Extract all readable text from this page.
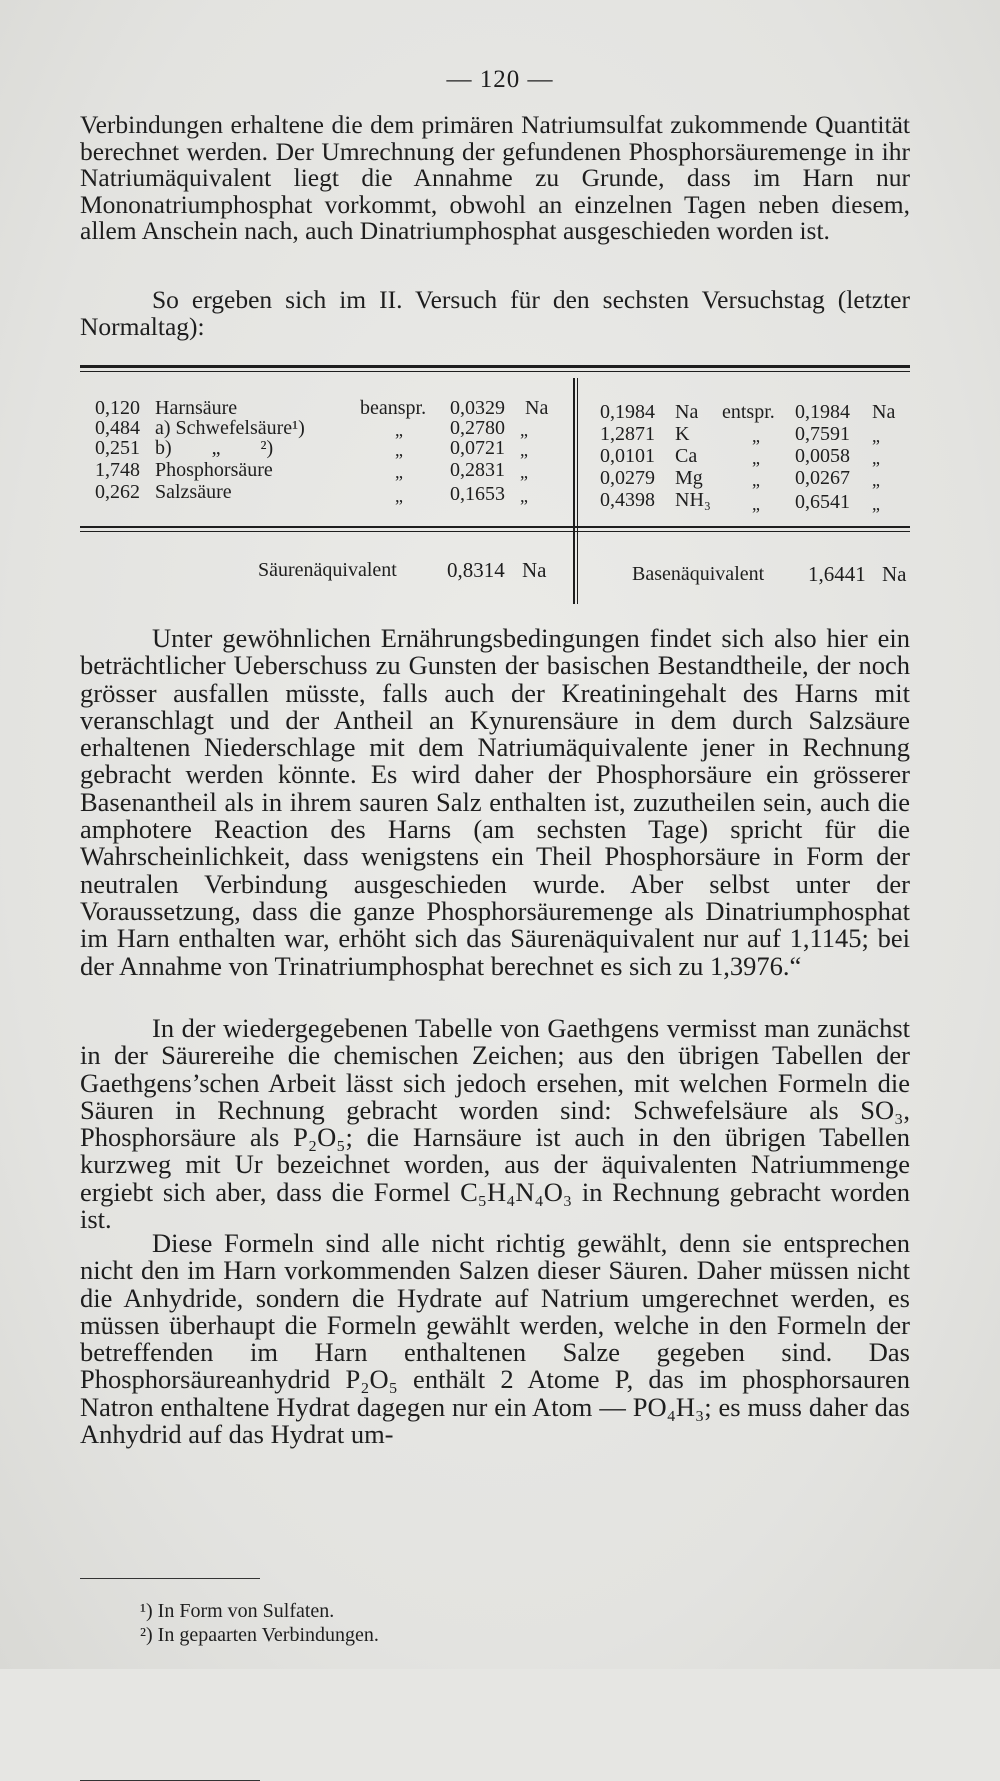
— 120 —

Verbindungen erhaltene die dem primären Natriumsulfat zukommende Quantität berechnet werden. Der Umrechnung der gefundenen Phosphorsäuremenge in ihr Natriumäquivalent liegt die Annahme zu Grunde, dass im Harn nur Mononatriumphosphat vorkommt, obwohl an einzelnen Tagen neben diesem, allem Anschein nach, auch Dinatriumphosphat ausgeschieden worden ist.

So ergeben sich im II. Versuch für den sechsten Versuchstag (letzter Normaltag):

0,120 Harnsäure	beanspr. 0,0329 Na
0,484 a) Schwefelsäure¹)	„ 0,2780 „
0,251 b)        „        ²)	„ 0,0721 „
1,748 Phosphorsäure	„ 0,2831 „
0,262 Salzsäure	„ 0,1653 „
0,1984 Na entspr. 0,1984 Na
1,2871 K	„ 0,7591 „
0,0101 Ca	„ 0,0058 „
0,0279 Mg	„ 0,0267 „
0,4398 NH₃ „ 0,6541 „
Säurenäquivalent 0,8314 Na	Basenäquivalent 1,6441 Na

Unter gewöhnlichen Ernährungsbedingungen findet sich also hier ein beträchtlicher Ueberschuss zu Gunsten der basischen Bestandtheile, der noch grösser ausfallen müsste, falls auch der Kreatiningehalt des Harns mit veranschlagt und der Antheil an Kynurensäure in dem durch Salzsäure erhaltenen Niederschlage mit dem Natriumäquivalente jener in Rechnung gebracht werden könnte. Es wird daher der Phosphorsäure ein grösserer Basenantheil als in ihrem sauren Salz enthalten ist, zuzutheilen sein, auch die amphotere Reaction des Harns (am sechsten Tage) spricht für die Wahrscheinlichkeit, dass wenigstens ein Theil Phosphorsäure in Form der neutralen Verbindung ausgeschieden wurde. Aber selbst unter der Voraussetzung, dass die ganze Phosphorsäuremenge als Dinatriumphosphat im Harn enthalten war, erhöht sich das Säurenäquivalent nur auf 1,1145; bei der Annahme von Trinatriumphosphat berechnet es sich zu 1,3976.“

In der wiedergegebenen Tabelle von Gaethgens vermisst man zunächst in der Säurereihe die chemischen Zeichen; aus den übrigen Tabellen der Gaethgens’schen Arbeit lässt sich jedoch ersehen, mit welchen Formeln die Säuren in Rechnung gebracht worden sind: Schwefelsäure als SO₃, Phosphorsäure als P₂O₅; die Harnsäure ist auch in den übrigen Tabellen kurzweg mit Ur bezeichnet worden, aus der äquivalenten Natriummenge ergiebt sich aber, dass die Formel C₅H₄N₄O₃ in Rechnung gebracht worden ist.

Diese Formeln sind alle nicht richtig gewählt, denn sie entsprechen nicht den im Harn vorkommenden Salzen dieser Säuren. Daher müssen nicht die Anhydride, sondern die Hydrate auf Natrium umgerechnet werden, es müssen überhaupt die Formeln gewählt werden, welche in den Formeln der betreffenden im Harn enthaltenen Salze gegeben sind. Das Phosphorsäureanhydrid P₂O₅ enthält 2 Atome P, das im phosphorsauren Natron enthaltene Hydrat dagegen nur ein Atom — PO₄H₃; es muss daher das Anhydrid auf das Hydrat um-

¹) In Form von Sulfaten.
²) In gepaarten Verbindungen.
